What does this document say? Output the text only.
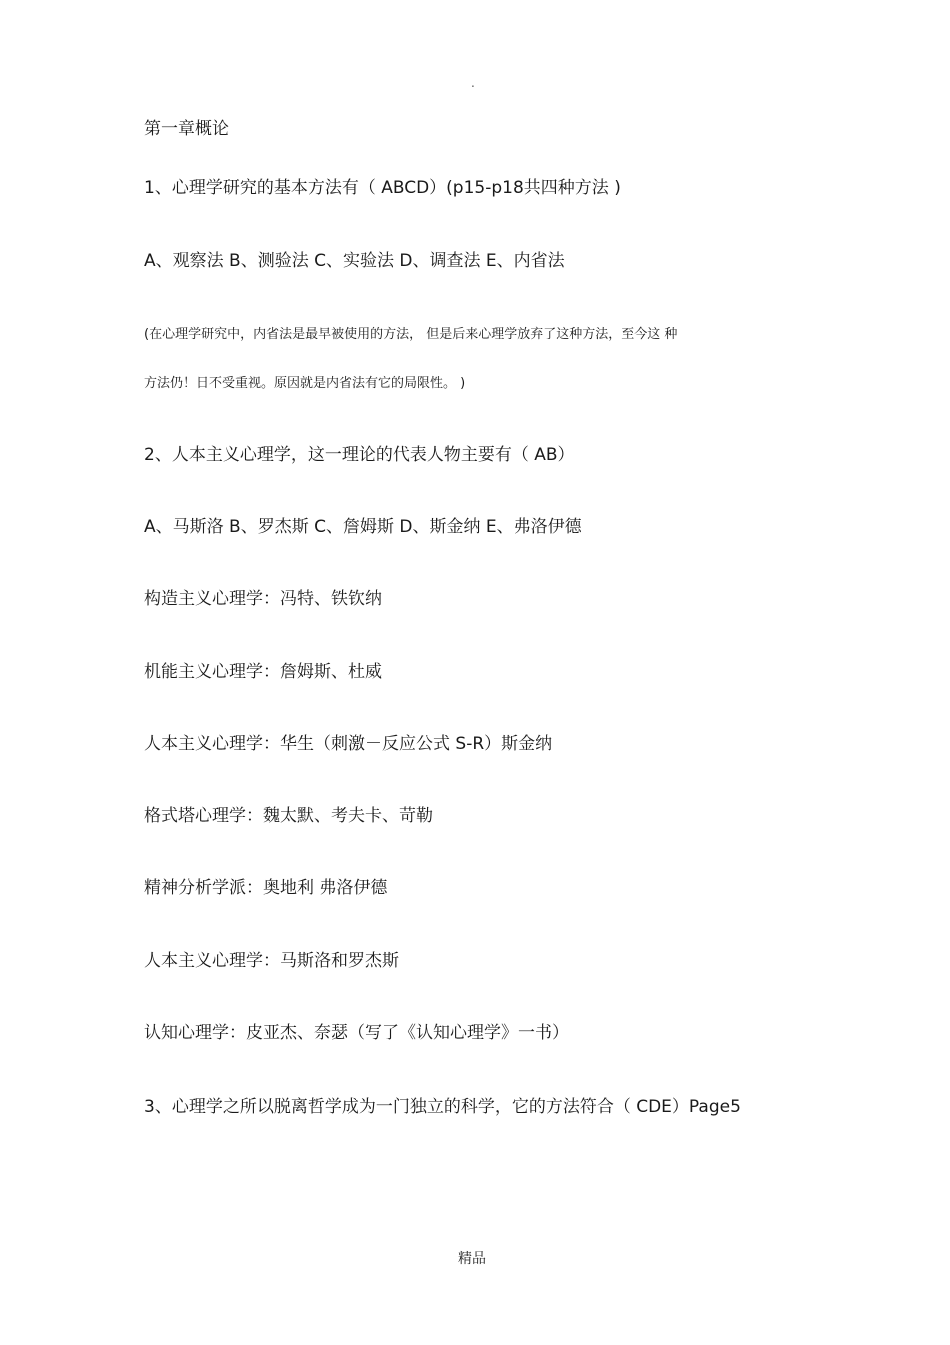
.
第一章概论
1、心理学研究的基本方法有（ ABCD）(p15-p18共四种方法 )
A、观察法 B、测验法 C、实验法 D、调查法 E、内省法
(在心理学研究中，内省法是最早被使用的方法， 但是后来心理学放弃了这种方法，至今这 种
方法仍！日不受重视。原因就是内省法有它的局限性。 )
2、人本主义心理学，这一理论的代表人物主要有（ AB）
A、马斯洛 B、罗杰斯 C、詹姆斯 D、斯金纳 E、弗洛伊德
构造主义心理学：冯特、铁钦纳
机能主义心理学：詹姆斯、杜威
人本主义心理学：华生（刺激－反应公式 S-R）斯金纳
格式塔心理学：魏太默、考夫卡、苛勒
精神分析学派：奥地利 弗洛伊德
人本主义心理学：马斯洛和罗杰斯
认知心理学：皮亚杰、奈瑟（写了《认知心理学》一书）
3、心理学之所以脱离哲学成为一门独立的科学，它的方法符合（ CDE）Page5
精品
